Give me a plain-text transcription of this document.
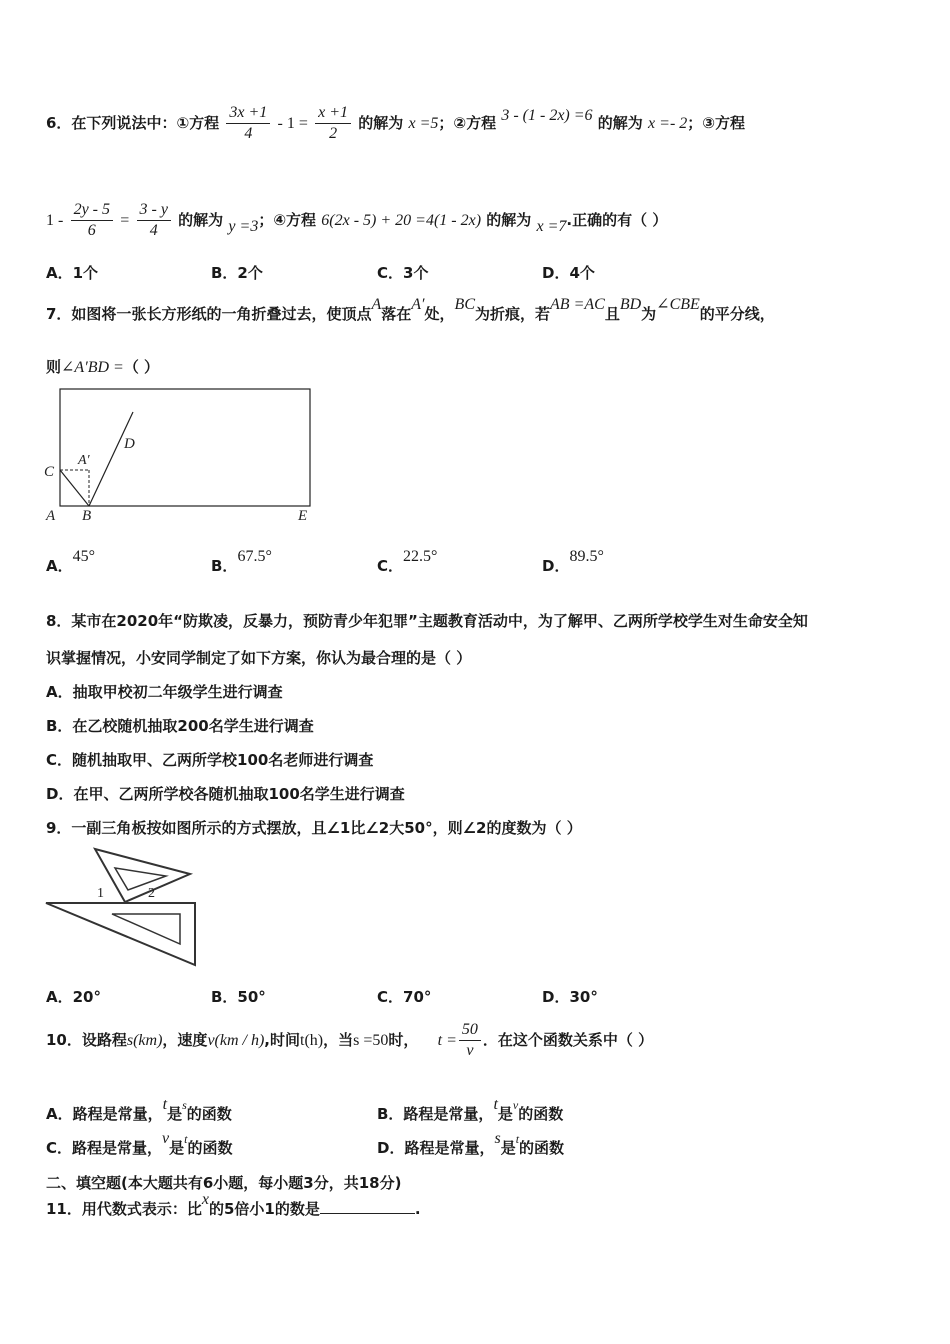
6．在下列说法中：①方程 $\frac{3x +1}{4} - 1 = \frac{x +1}{2}$ 的解为 x =5；②方程 3 - (1 - 2x) =6 的解为 x =- 2；③方程
$1 - \frac{2y - 5}{6} = \frac{3 - y}{4}$ 的解为 y =3；④方程 6(2x - 5) + 20 =4(1 - 2x) 的解为 x =7.正确的有（ ）
A．1个	B．2个	C．3个	D．4个
7．如图将一张长方形纸的一角折叠过去，使顶点A落在A′处，BC为折痕，若AB =AC且BD为∠CBE的平分线，
则∠A′BD =（ ）
C
A′
D
A B	E
A．45°
B．67.5°
C．22.5°
D．89.5°
8．某市在2020年“防欺凌，反暴力，预防青少年犯罪”主题教育活动中，为了解甲、乙两所学校学生对生命安全知
识掌握情况，小安同学制定了如下方案，你认为最合理的是（ ）
A．抽取甲校初二年级学生进行调查
B．在乙校随机抽取200名学生进行调查
C．随机抽取甲、乙两所学校100名老师进行调查
D．在甲、乙两所学校各随机抽取100名学生进行调查
9．一副三角板按如图所示的方式摆放，且∠1比∠2大50°，则∠2的度数为（ ）
1	2
A．20°	B．50°	C．70°	D．30°
10．设路程s(km)，速度v(km / h),时间t(h)，当s =50时， $t = \frac{50}{v}$ ．在这个函数关系中（ ）
A．路程是常量，t是$^s$的函数	B．路程是常量，t是$^v$的函数
C．路程是常量，v是$^t$的函数	D．路程是常量，s是$^t$的函数
二、填空题(本大题共有6小题，每小题3分，共18分)
11．用代数式表示：比x的5倍小1的数是	.
